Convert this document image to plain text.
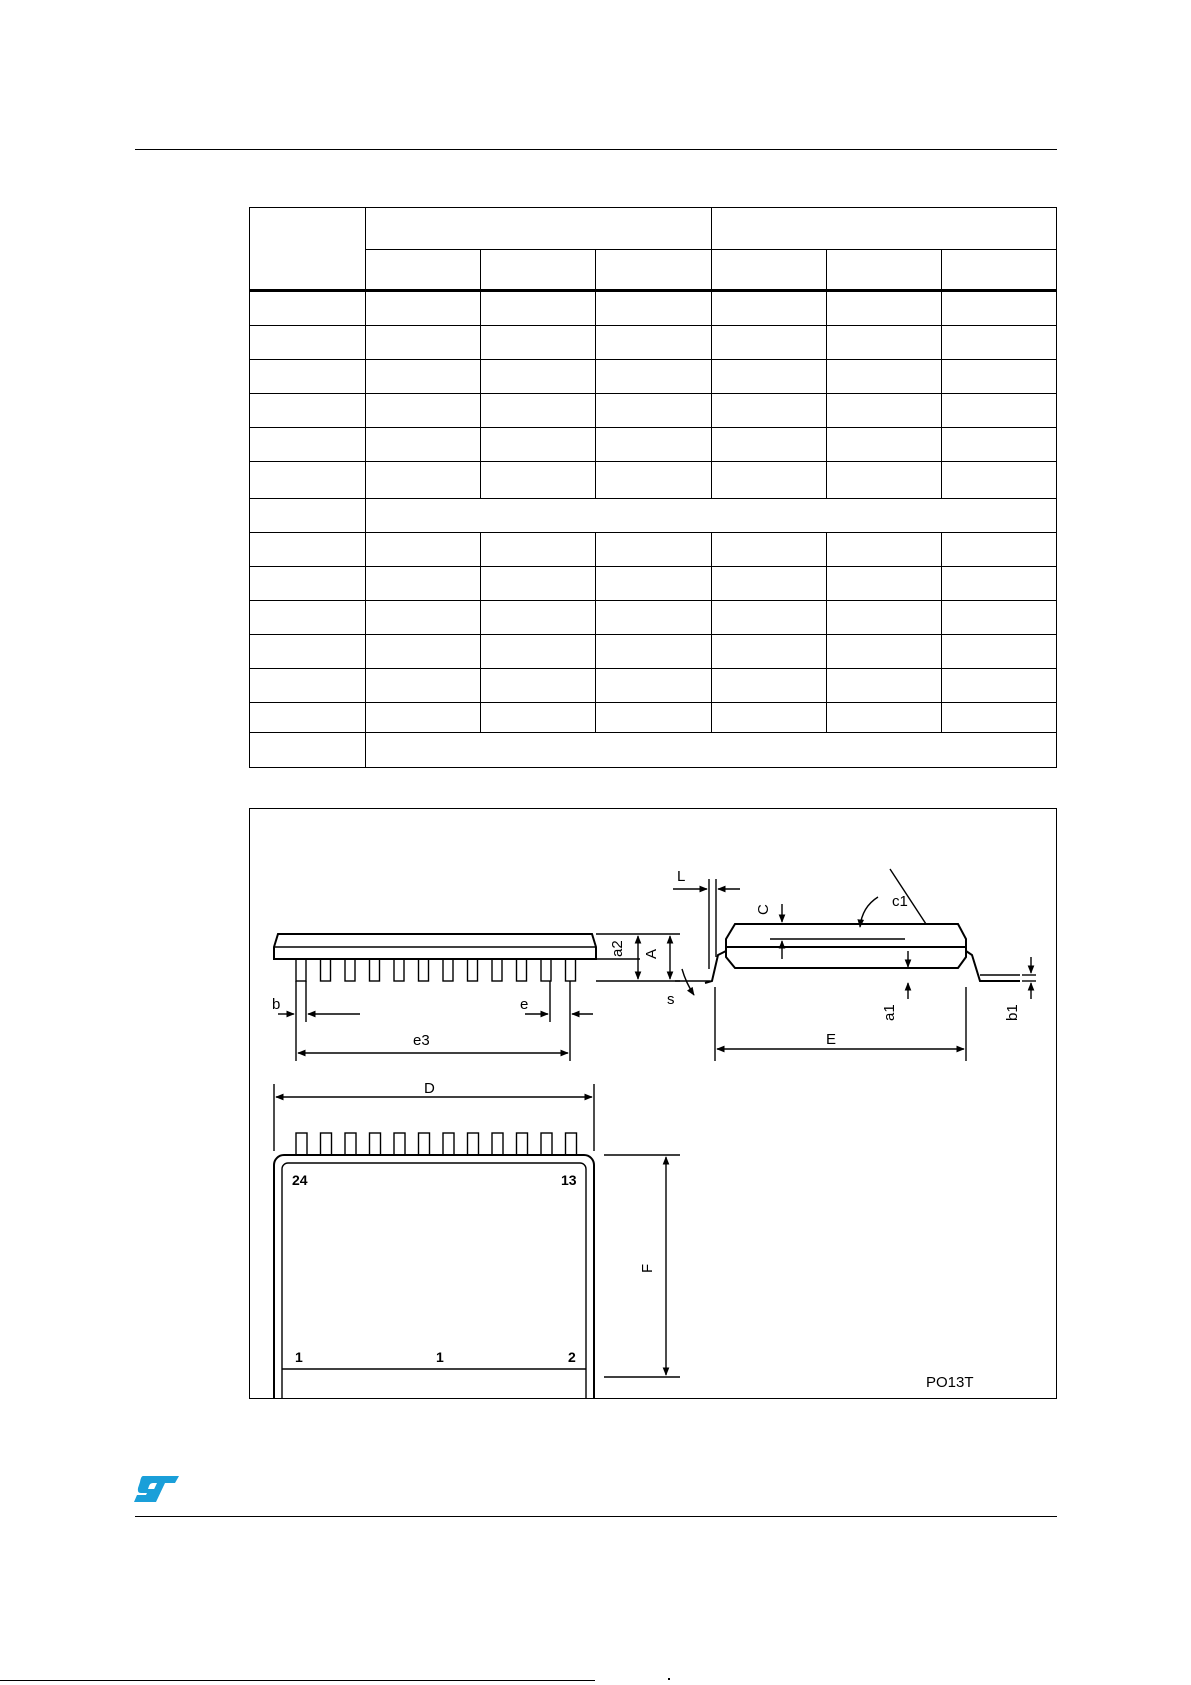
b	e
e3
D
L
E
c1
s
PO13T
a2 A
C
a1	b1
F
24	13
1	1	2
